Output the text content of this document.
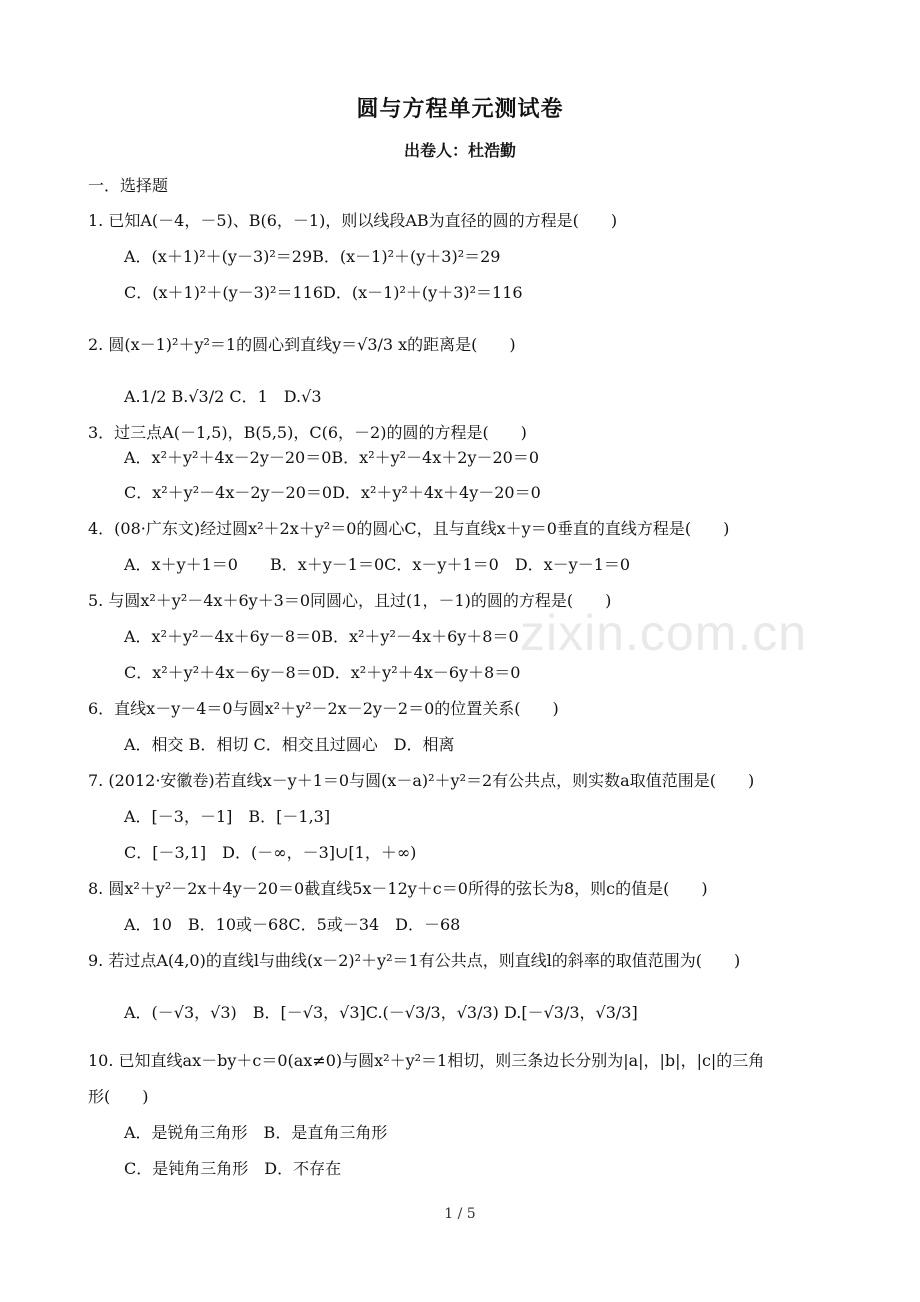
圆与方程单元测试卷
出卷人：杜浩勤
一．选择题
1. 已知A(－4，－5)、B(6，－1)，则以线段AB为直径的圆的方程是(　　)
A．(x＋1)²＋(y－3)²＝29B．(x－1)²＋(y＋3)²＝29
C．(x＋1)²＋(y－3)²＝116D．(x－1)²＋(y＋3)²＝116
2. 圆(x－1)²＋y²＝1的圆心到直线y＝√3/3 x的距离是(　　)
A.1/2 B.√3/2 C．1　D.√3
3．过三点A(－1,5)，B(5,5)，C(6，－2)的圆的方程是(　　)
A．x²＋y²＋4x－2y－20＝0B．x²＋y²－4x＋2y－20＝0
C．x²＋y²－4x－2y－20＝0D．x²＋y²＋4x＋4y－20＝0
4．(08·广东文)经过圆x²＋2x＋y²＝0的圆心C，且与直线x＋y＝0垂直的直线方程是(　　)
A．x＋y＋1＝0　　B．x＋y－1＝0C．x－y＋1＝0　D．x－y－1＝0
5. 与圆x²＋y²－4x＋6y＋3＝0同圆心，且过(1，－1)的圆的方程是(　　)
A．x²＋y²－4x＋6y－8＝0B．x²＋y²－4x＋6y＋8＝0
C．x²＋y²＋4x－6y－8＝0D．x²＋y²＋4x－6y＋8＝0
6．直线x－y－4＝0与圆x²＋y²－2x－2y－2＝0的位置关系(　　)
A．相交 B．相切 C．相交且过圆心　D．相离
7. (2012·安徽卷)若直线x－y＋1＝0与圆(x－a)²＋y²＝2有公共点，则实数a取值范围是(　　)
A．[－3，－1]　B．[－1,3]
C．[－3,1]　D．(－∞，－3]∪[1，＋∞)
8. 圆x²＋y²－2x＋4y－20＝0截直线5x－12y＋c＝0所得的弦长为8，则c的值是(　　)
A．10　B．10或－68C．5或－34　D．－68
9. 若过点A(4,0)的直线l与曲线(x－2)²＋y²＝1有公共点，则直线l的斜率的取值范围为(　　)
A．(－√3，√3)　B．[－√3，√3]C.(－√3/3，√3/3) D.[－√3/3，√3/3]
10. 已知直线ax－by＋c＝0(ax≠0)与圆x²＋y²＝1相切，则三条边长分别为|a|，|b|，|c|的三角
形(　　)
A．是锐角三角形　B．是直角三角形
C．是钝角三角形　D．不存在
zixin.com.cn
1 / 5
